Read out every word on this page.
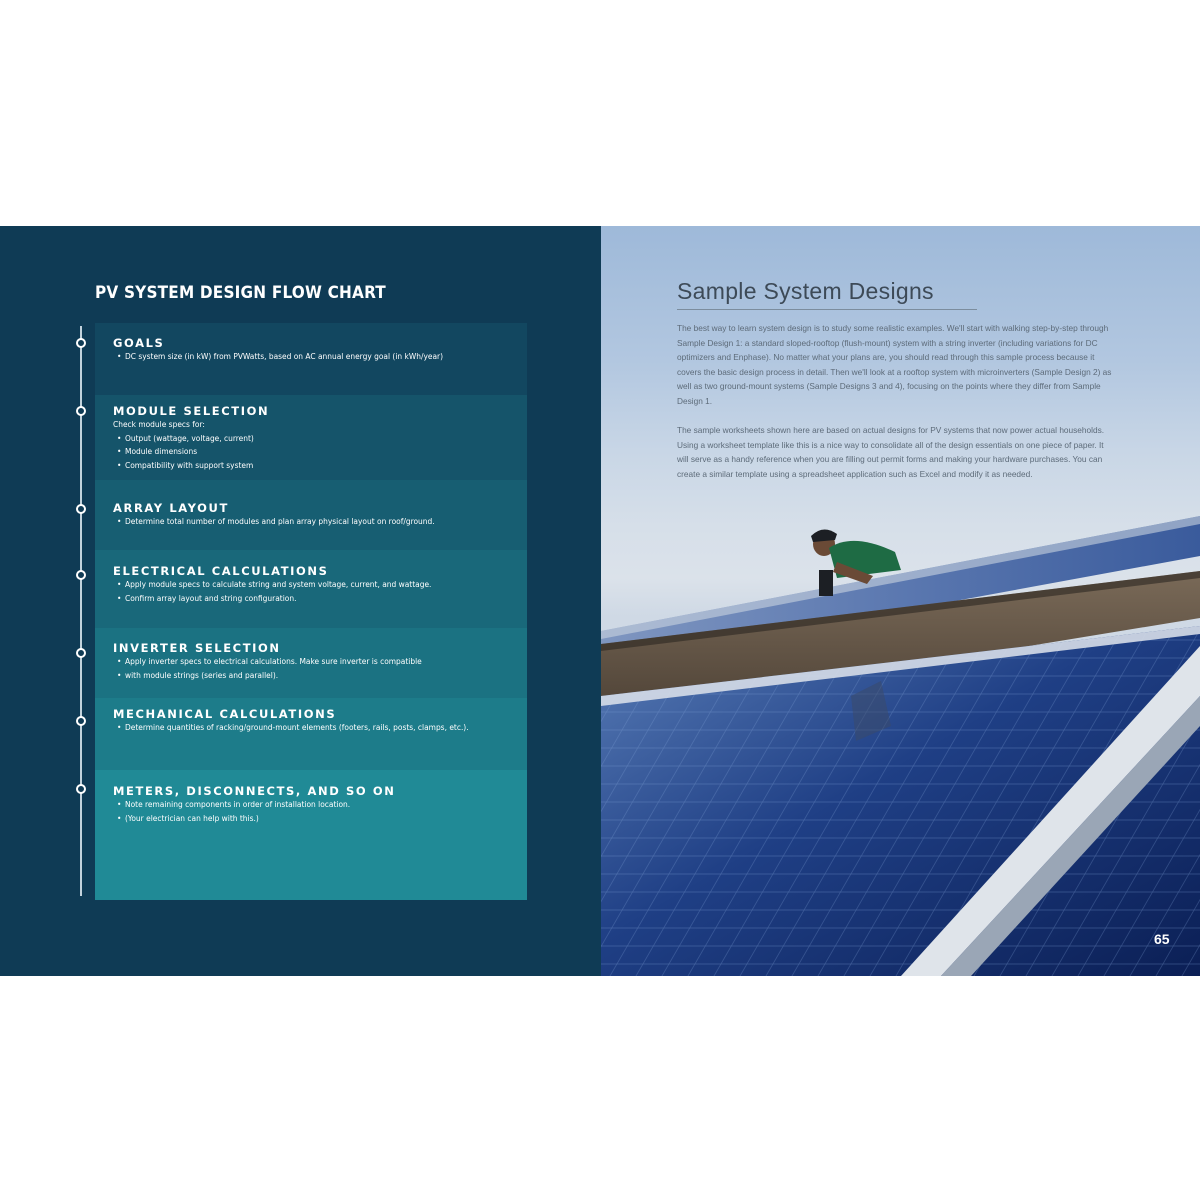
PV SYSTEM DESIGN FLOW CHART
GOALS
• DC system size (in kW) from PVWatts, based on AC annual energy goal (in kWh/year)
MODULE SELECTION

Check module specs for:

• Output (wattage, voltage, current)
• Module dimensions
• Compatibility with support system
ARRAY LAYOUT
• Determine total number of modules and plan array physical layout on roof/ground.
ELECTRICAL CALCULATIONS
• Apply module specs to calculate string and system voltage, current, and wattage.
• Confirm array layout and string configuration.
INVERTER SELECTION
• Apply inverter specs to electrical calculations. Make sure inverter is compatible
• with module strings (series and parallel).
MECHANICAL CALCULATIONS
• Determine quantities of racking/ground-mount elements (footers, rails, posts, clamps, etc.).
METERS, DISCONNECTS, AND SO ON
• Note remaining components in order of installation location.
• (Your electrician can help with this.)
Sample System Designs

The best way to learn system design is to study some realistic examples. We'll start with walking step-by-step through Sample Design 1: a standard sloped-rooftop (flush-mount) system with a string inverter (including variations for DC optimizers and Enphase). No matter what your plans are, you should read through this sample process because it covers the basic design process in detail. Then we'll look at a rooftop system with microinverters (Sample Design 2) as well as two ground-mount systems (Sample Designs 3 and 4), focusing on the points where they differ from Sample Design 1.

The sample worksheets shown here are based on actual designs for PV systems that now power actual households. Using a worksheet template like this is a nice way to consolidate all of the design essentials on one piece of paper. It will serve as a handy reference when you are filling out permit forms and making your hardware purchases. You can create a similar template using a spreadsheet application such as Excel and modify it as needed.

65
